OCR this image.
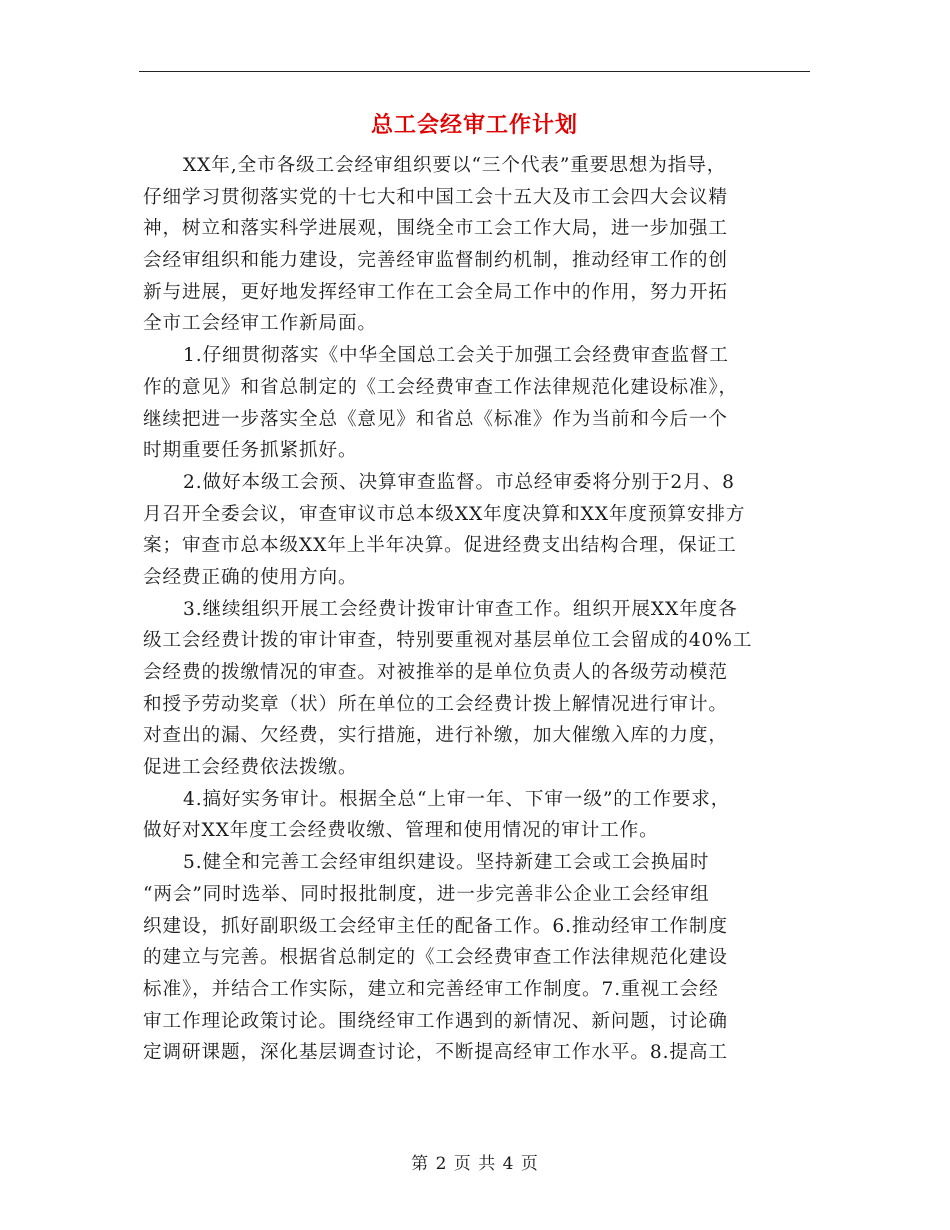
总工会经审工作计划
XX年,全市各级工会经审组织要以“三个代表”重要思想为指导，
仔细学习贯彻落实党的十七大和中国工会十五大及市工会四大会议精
神，树立和落实科学进展观，围绕全市工会工作大局，进一步加强工
会经审组织和能力建设，完善经审监督制约机制，推动经审工作的创
新与进展，更好地发挥经审工作在工会全局工作中的作用，努力开拓
全市工会经审工作新局面。
1.仔细贯彻落实《中华全国总工会关于加强工会经费审查监督工
作的意见》和省总制定的《工会经费审查工作法律规范化建设标准》，
继续把进一步落实全总《意见》和省总《标准》作为当前和今后一个
时期重要任务抓紧抓好。
2.做好本级工会预、决算审查监督。市总经审委将分别于2月、8
月召开全委会议，审查审议市总本级XX年度决算和XX年度预算安排方
案；审查市总本级XX年上半年决算。促进经费支出结构合理，保证工
会经费正确的使用方向。
3.继续组织开展工会经费计拨审计审查工作。组织开展XX年度各
级工会经费计拨的审计审查，特别要重视对基层单位工会留成的40%工
会经费的拨缴情况的审查。对被推举的是单位负责人的各级劳动模范
和授予劳动奖章（状）所在单位的工会经费计拨上解情况进行审计。
对查出的漏、欠经费，实行措施，进行补缴，加大催缴入库的力度，
促进工会经费依法拨缴。
4.搞好实务审计。根据全总“上审一年、下审一级”的工作要求，
做好对XX年度工会经费收缴、管理和使用情况的审计工作。
5.健全和完善工会经审组织建设。坚持新建工会或工会换届时
“两会”同时选举、同时报批制度，进一步完善非公企业工会经审组
织建设，抓好副职级工会经审主任的配备工作。6.推动经审工作制度
的建立与完善。根据省总制定的《工会经费审查工作法律规范化建设
标准》，并结合工作实际，建立和完善经审工作制度。7.重视工会经
审工作理论政策讨论。围绕经审工作遇到的新情况、新问题，讨论确
定调研课题，深化基层调查讨论，不断提高经审工作水平。8.提高工
第 2 页 共 4 页
